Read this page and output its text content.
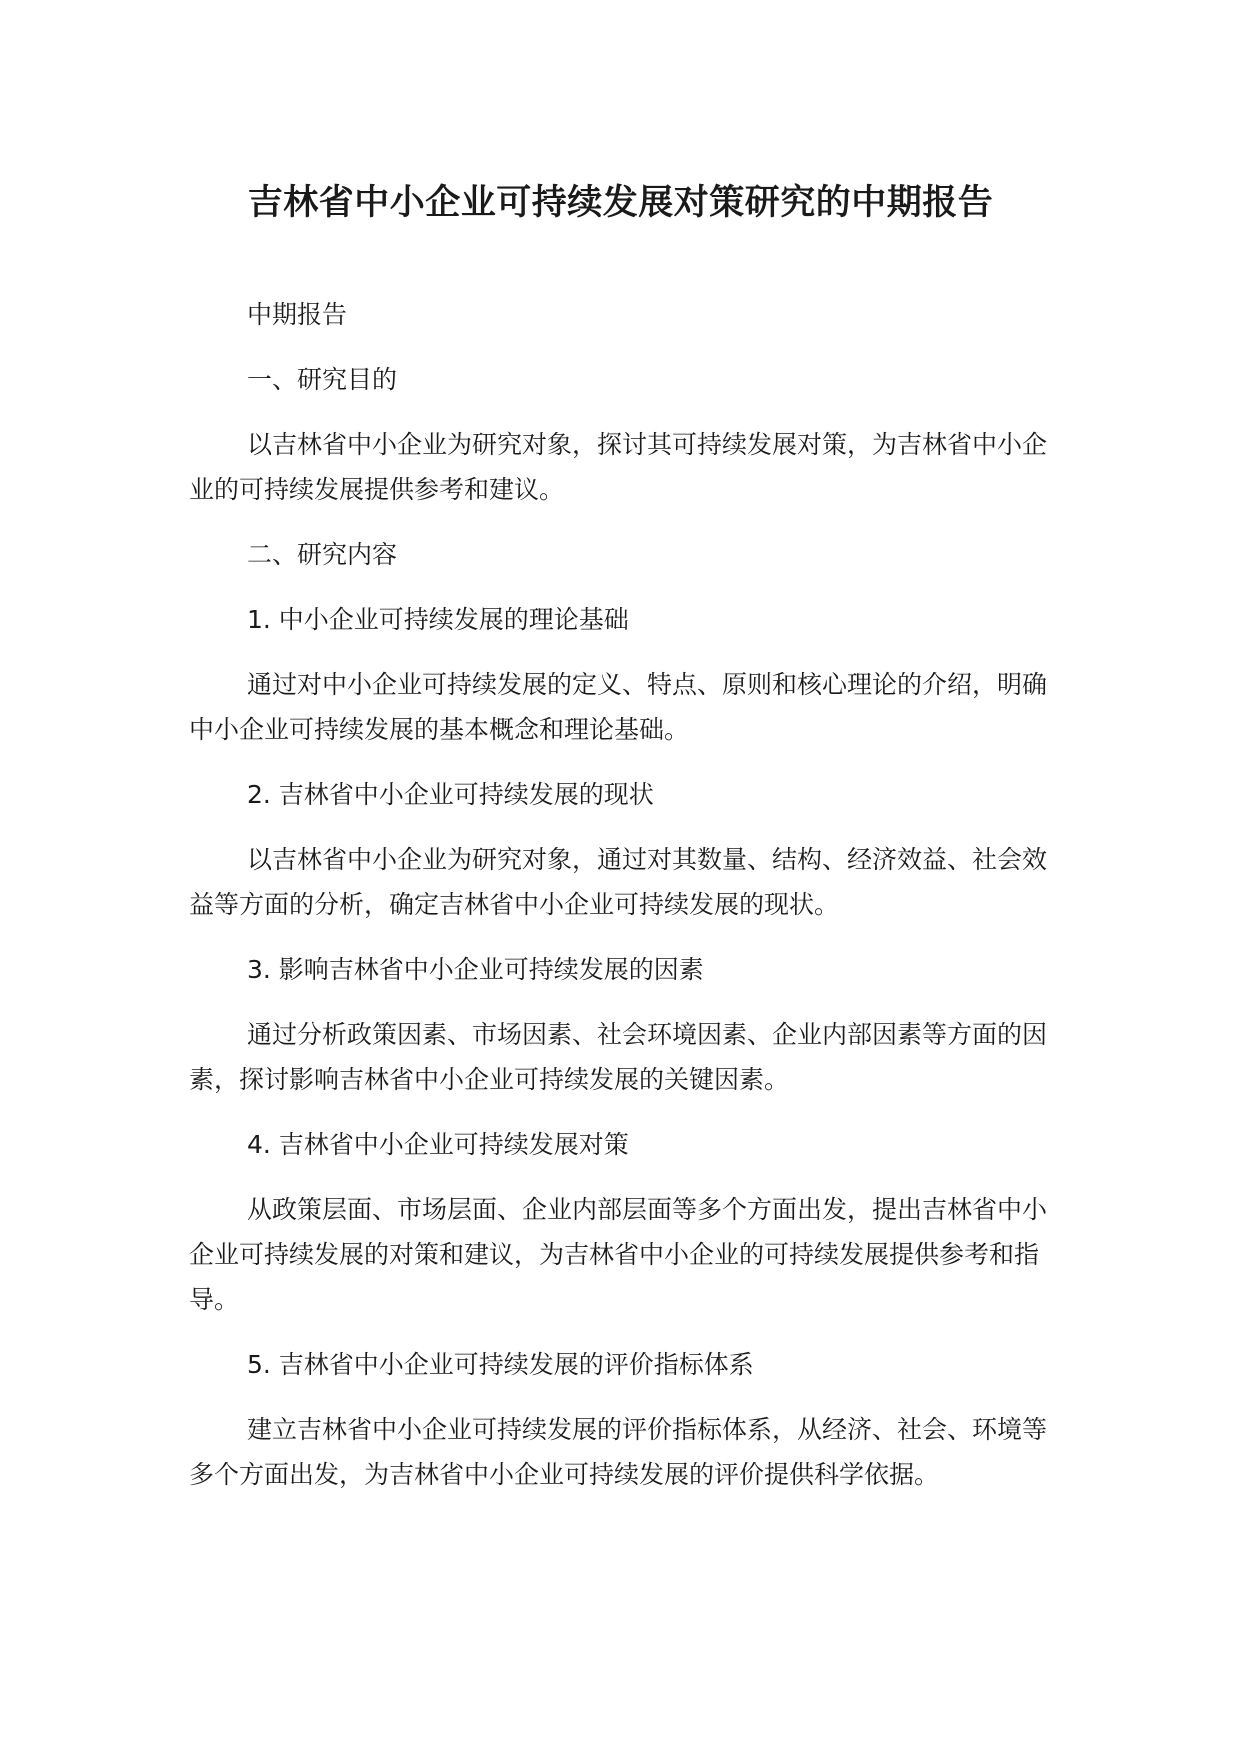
吉林省中小企业可持续发展对策研究的中期报告

中期报告

一、研究目的

以吉林省中小企业为研究对象，探讨其可持续发展对策，为吉林省中小企业的可持续发展提供参考和建议。

二、研究内容

1. 中小企业可持续发展的理论基础

通过对中小企业可持续发展的定义、特点、原则和核心理论的介绍，明确中小企业可持续发展的基本概念和理论基础。

2. 吉林省中小企业可持续发展的现状

以吉林省中小企业为研究对象，通过对其数量、结构、经济效益、社会效益等方面的分析，确定吉林省中小企业可持续发展的现状。

3. 影响吉林省中小企业可持续发展的因素

通过分析政策因素、市场因素、社会环境因素、企业内部因素等方面的因素，探讨影响吉林省中小企业可持续发展的关键因素。

4. 吉林省中小企业可持续发展对策

从政策层面、市场层面、企业内部层面等多个方面出发，提出吉林省中小企业可持续发展的对策和建议，为吉林省中小企业的可持续发展提供参考和指导。

5. 吉林省中小企业可持续发展的评价指标体系

建立吉林省中小企业可持续发展的评价指标体系，从经济、社会、环境等多个方面出发，为吉林省中小企业可持续发展的评价提供科学依据。
